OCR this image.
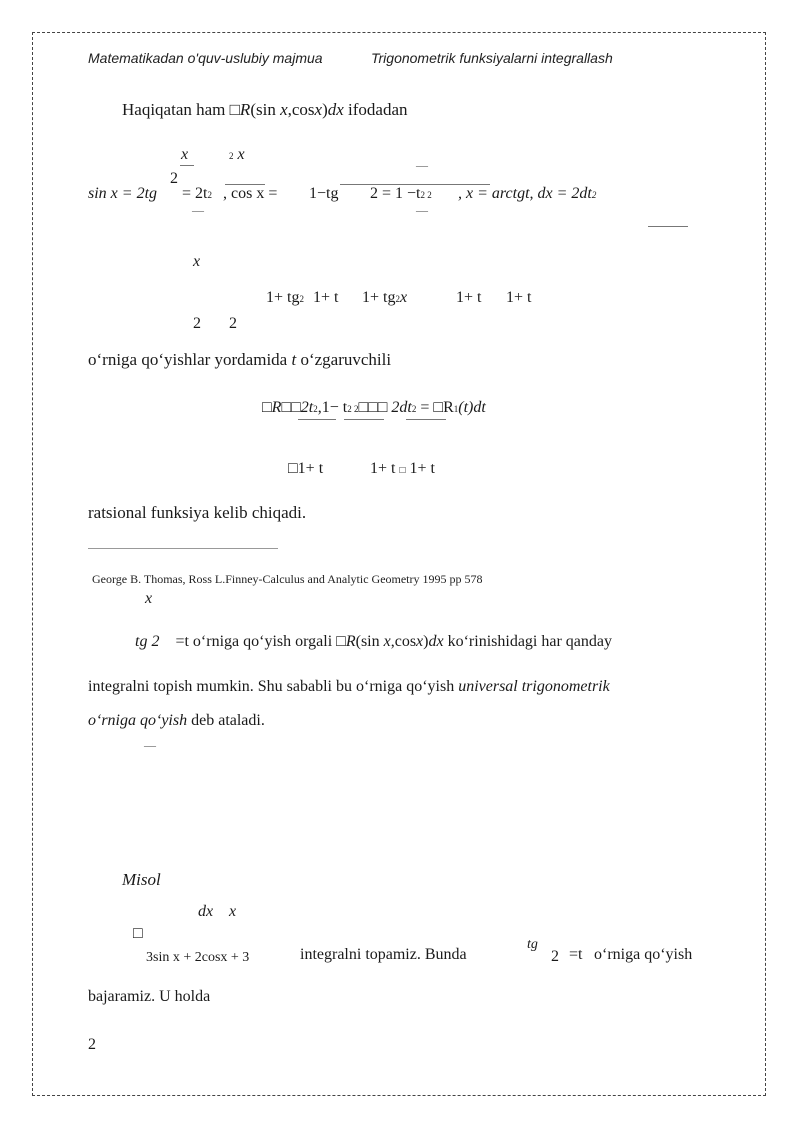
Matematikadan o'quv-uslubiy majmua	Trigonometrik funksiyalarni integrallash
Haqiqatan ham □R(sin x,cosx)dx ifodadan
x	2 x
2
—
sin x = 2tg = 2t2 , cos x = 1−tg 2 = 1 −t2 2 , x = arctgt, dx = 2dt2
—	—
x
1+ tg2 1+ t 1+ tg2x	1+ t 1+ t
2 2
o‘rniga qo‘yishlar yordamida t o‘zgaruvchili
□R□□2t2,1− t2 2□□□ 2dt2 = □R1(t)dt
□1+ t	1+ t □ 1+ t
ratsional funksiya kelib chiqadi.
George B. Thomas, Ross L.Finney-Calculus and Analytic Geometry 1995 pp 578
x
tg 2 =t o‘rniga qo‘yish orgali □R(sin x,cosx)dx ko‘rinishidagi har qanday
integralni topish mumkin. Shu sababli bu o‘rniga qo‘yish universal trigonometrik
o‘rniga qo‘yish deb ataladi.
—
Misol
dx x
□
3sin x + 2cosx + 3	integralni topamiz. Bunda
tg
2 =t o‘rniga qo‘yish
bajaramiz. U holda
2
